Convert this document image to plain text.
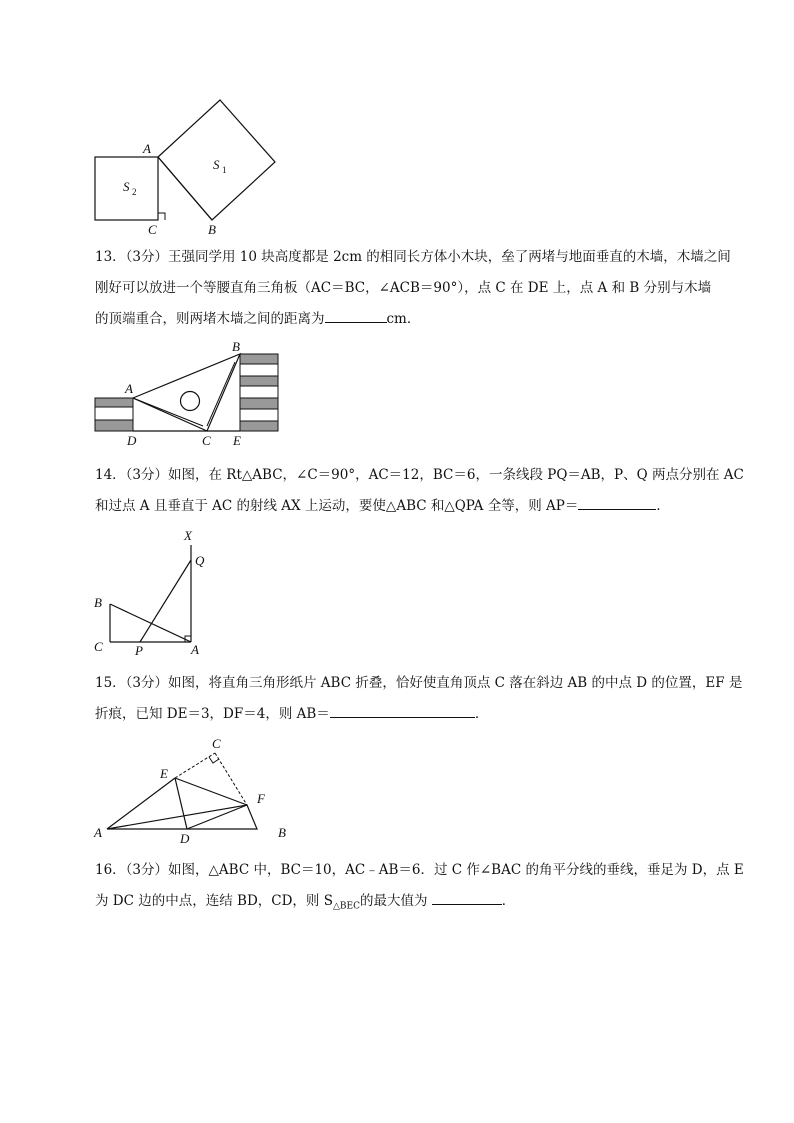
A
C	B
S 1
S 2
13．（3分）王强同学用 10 块高度都是 2cm 的相同长方体小木块，垒了两堵与地面垂直的木墙，木墙之间
刚好可以放进一个等腰直角三角板（AC＝BC，∠ACB＝90°），点 C 在 DE 上，点 A 和 B 分别与木墙
的顶端重合，则两堵木墙之间的距离为	cm．
A
B
D	C E
14．（3分）如图，在 Rt△ABC，∠C＝90°，AC＝12，BC＝6，一条线段 PQ＝AB，P、Q 两点分别在 AC
和过点 A 且垂直于 AC 的射线 AX 上运动，要使△ABC 和△QPA 全等，则 AP＝	．
X
Q
B
C P	A
15．（3分）如图，将直角三角形纸片 ABC 折叠，恰好使直角顶点 C 落在斜边 AB 的中点 D 的位置，EF 是
折痕，已知 DE＝3，DF＝4，则 AB＝	．
C
E
F
A	D	B
16．（3分）如图，△ABC 中，BC＝10，AC﹣AB＝6．过 C 作∠BAC 的角平分线的垂线，垂足为 D，点 E
为 DC 边的中点，连结 BD，CD，则 $S_{\triangle BEC}$的最大值为	．
